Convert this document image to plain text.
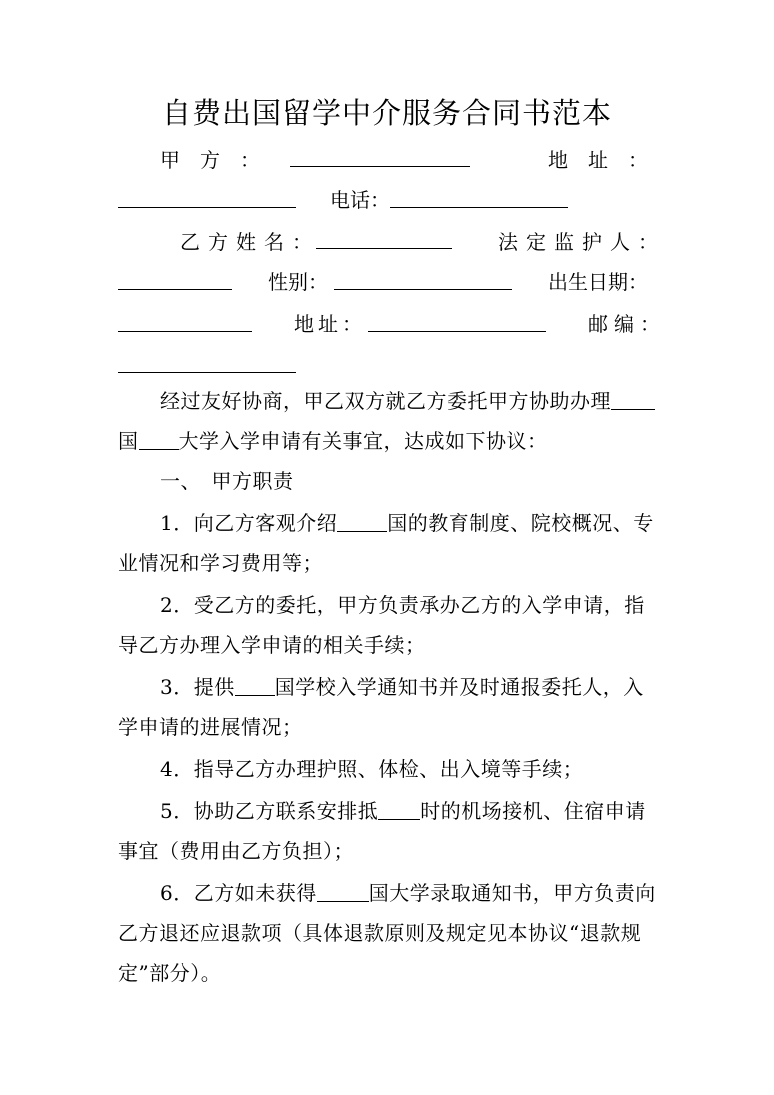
自费出国留学中介服务合同书范本
甲　方　：	地　址　：
电话：
乙方姓名：	法定监护人：
性别：	出生日期：
地址：	邮编：
经过友好协商，甲乙双方就乙方委托甲方协助办理
国 大学入学申请有关事宜，达成如下协议：
一、　甲方职责
1．向乙方客观介绍	国的教育制度、院校概况、专
业情况和学习费用等；
2．受乙方的委托，甲方负责承办乙方的入学申请，指
导乙方办理入学申请的相关手续；
3．提供 国学校入学通知书并及时通报委托人，入
学申请的进展情况；
4．指导乙方办理护照、体检、出入境等手续；
5．协助乙方联系安排抵 时的机场接机、住宿申请
事宜（费用由乙方负担）；
6．乙方如未获得	国大学录取通知书，甲方负责向
乙方退还应退款项（具体退款原则及规定见本协议“退款规
定”部分）。
